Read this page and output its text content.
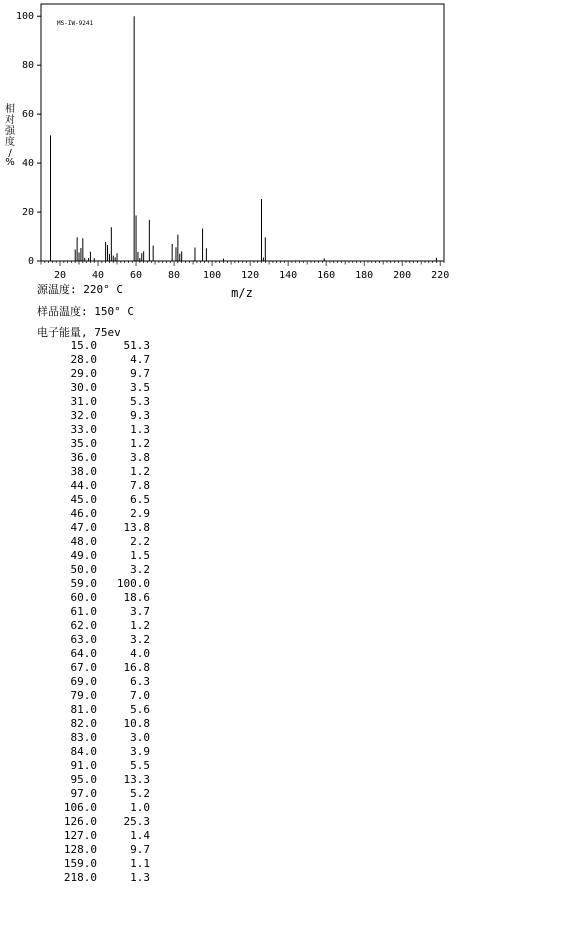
0
20
40
60
80
100
20	40	60	80 100 120 140 160 180 200 220
MS-IW-9241
m/z
相对强度/ %
源温度: 220° C
样品温度: 150° C
电子能量, 75ev
15.0 51.3
28.0	4.7
29.0	9.7
30.0	3.5
31.0	5.3
32.0	9.3
33.0	1.3
35.0	1.2
36.0	3.8
38.0	1.2
44.0	7.8
45.0	6.5
46.0	2.9
47.0 13.8
48.0	2.2
49.0	1.5
50.0	3.2
59.0 100.0
60.0 18.6
61.0	3.7
62.0	1.2
63.0	3.2
64.0	4.0
67.0 16.8
69.0	6.3
79.0	7.0
81.0	5.6
82.0 10.8
83.0	3.0
84.0	3.9
91.0	5.5
95.0 13.3
97.0	5.2
106.0	1.0
126.0 25.3
127.0	1.4
128.0	9.7
159.0	1.1
218.0	1.3
